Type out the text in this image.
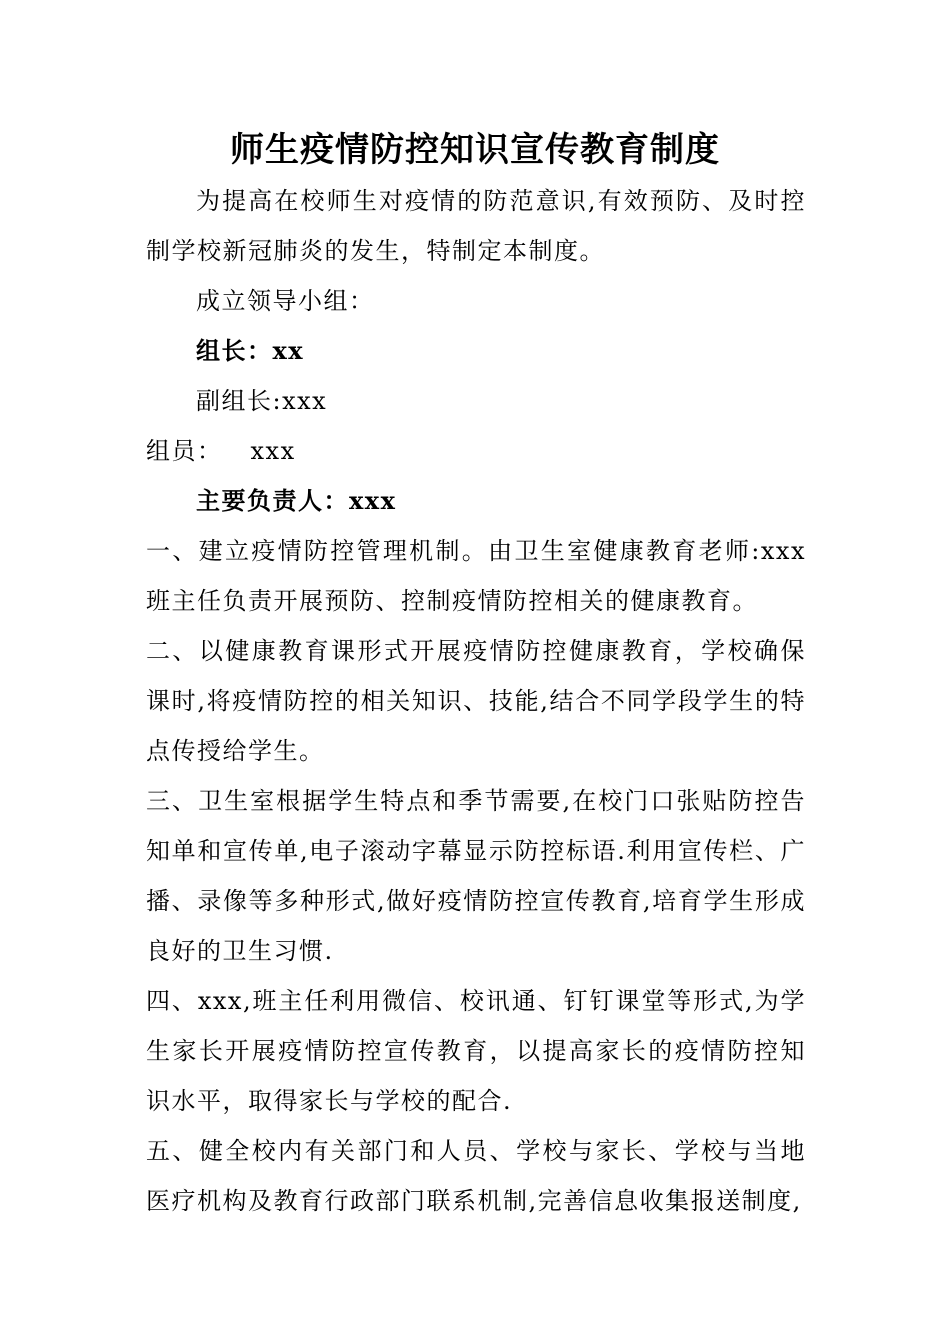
师生疫情防控知识宣传教育制度

为提高在校师生对疫情的防范意识,有效预防、及时控制学校新冠肺炎的发生，特制定本制度。

成立领导小组：

组长：xx

副组长:xxx

组员： xxx

主要负责人：xxx

一、建立疫情防控管理机制。由卫生室健康教育老师:xxx班主任负责开展预防、控制疫情防控相关的健康教育。

二、以健康教育课形式开展疫情防控健康教育，学校确保课时,将疫情防控的相关知识、技能,结合不同学段学生的特点传授给学生。

三、卫生室根据学生特点和季节需要,在校门口张贴防控告知单和宣传单,电子滚动字幕显示防控标语.利用宣传栏、广播、录像等多种形式,做好疫情防控宣传教育,培育学生形成良好的卫生习惯.

四、xxx,班主任利用微信、校讯通、钉钉课堂等形式,为学生家长开展疫情防控宣传教育，以提高家长的疫情防控知识水平，取得家长与学校的配合.

五、健全校内有关部门和人员、学校与家长、学校与当地医疗机构及教育行政部门联系机制,完善信息收集报送制度,
